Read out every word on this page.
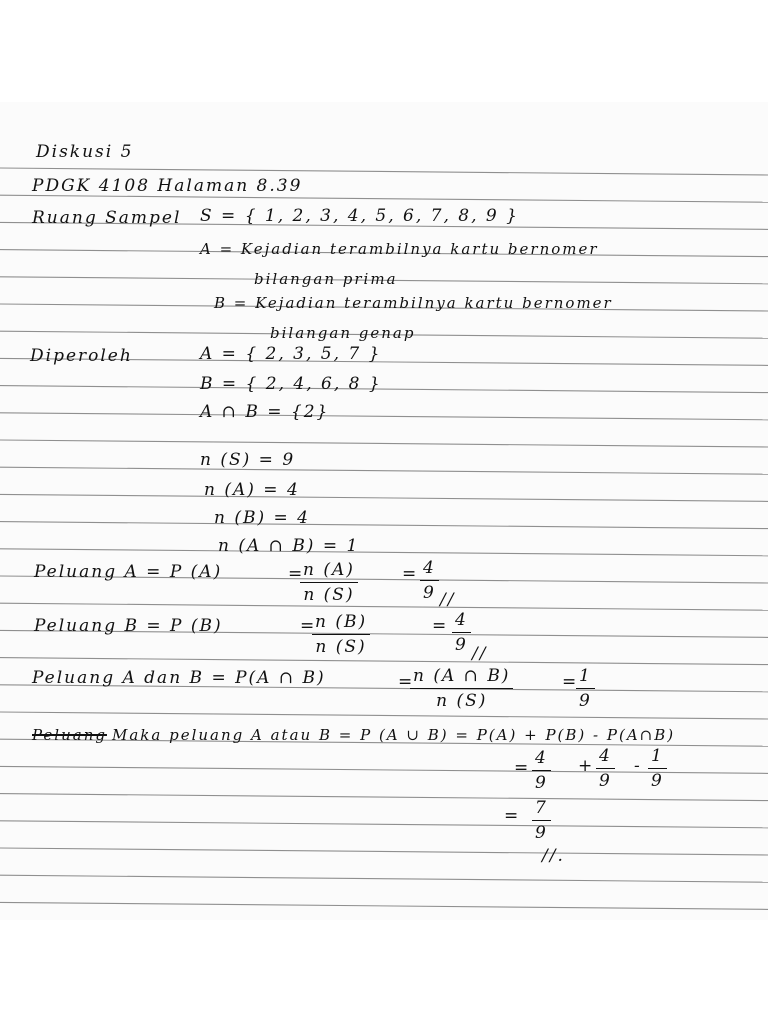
Diskusi 5
PDGK 4108 Halaman 8.39
Ruang Sampel S = { 1, 2, 3, 4, 5, 6, 7, 8, 9 }
A = Kejadian terambilnya kartu bernomer
bilangan prima
B = Kejadian terambilnya kartu bernomer
bilangan genap
Diperoleh	A = { 2, 3, 5, 7 }
B = { 2, 4, 6, 8 }
A ∩ B = {2}
n (S) = 9
n (A) = 4
n (B) = 4
n (A ∩ B) = 1
Peluang A = P (A)	=
$\frac{n (A)}{n (S)}$	= $\frac{4}{9}$ //
Peluang B = P (B)	=
$\frac{n (B)}{n (S)}$	= $\frac{4}{9}$ //
Peluang A dan B = P(A ∩ B)	=
$\frac{n (A \cap B)}{n (S)}$	=
$\frac{1}{9}$
Peluang Maka peluang A atau B = P (A ∪ B) = P(A) + P(B) - P(A∩B)
= $\frac{4}{9} + \frac{4}{9} - \frac{1}{9}$
= $\frac{7}{9}$
//.
